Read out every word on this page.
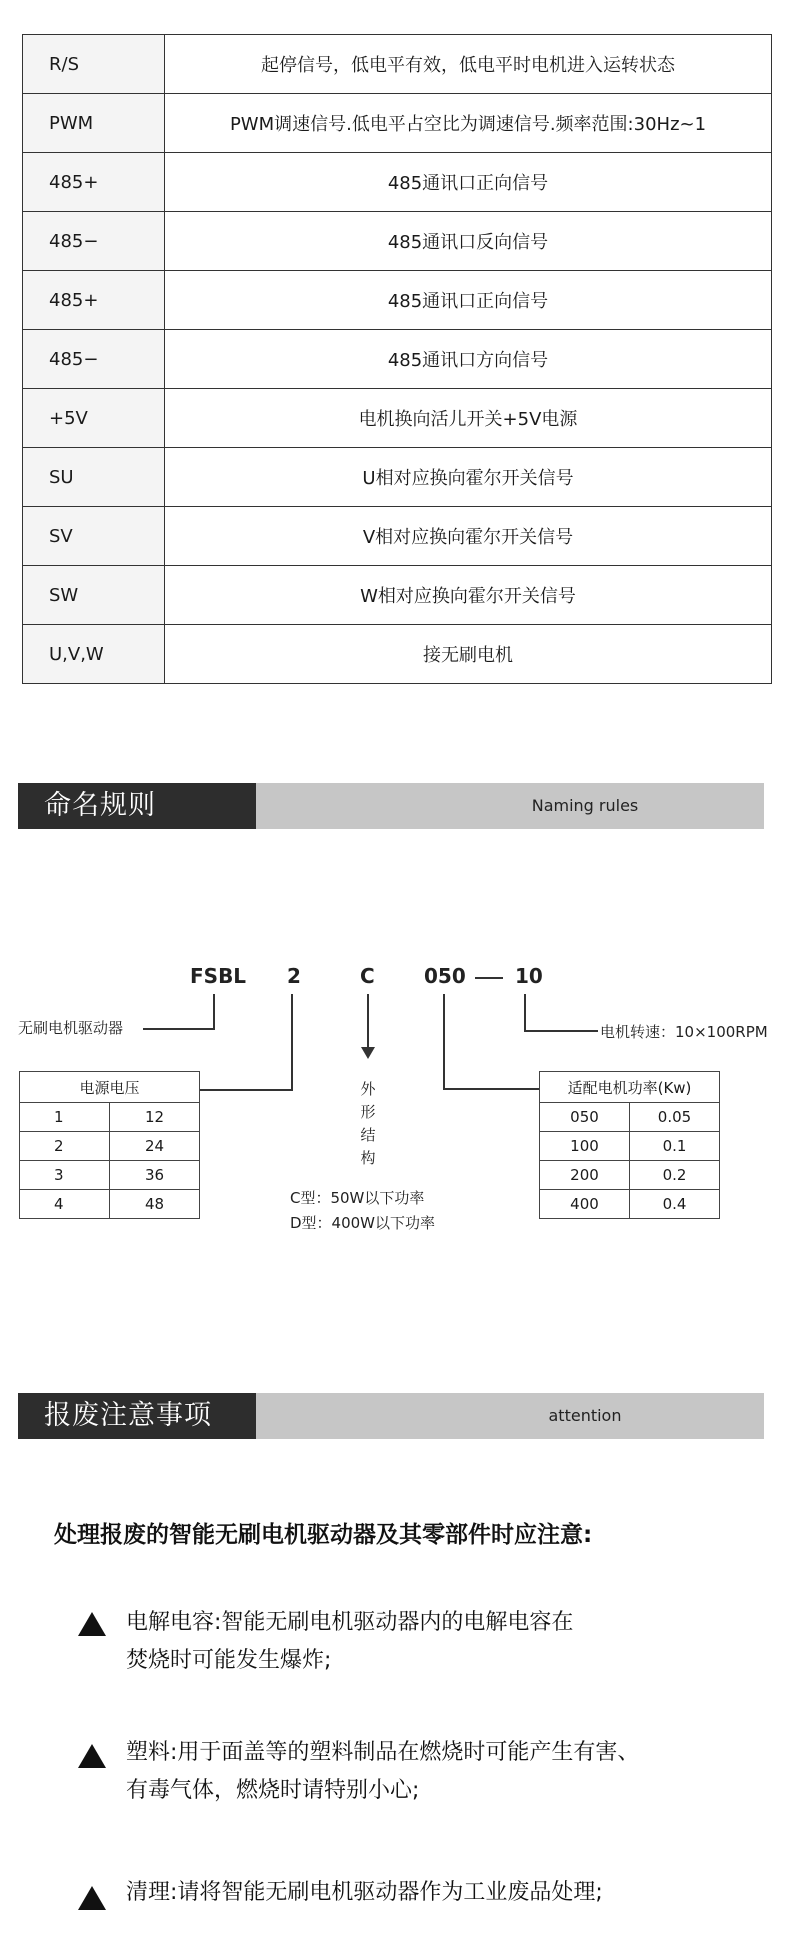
R/S	起停信号，低电平有效，低电平时电机进入运转状态
PWM	PWM调速信号.低电平占空比为调速信号.频率范围:30Hz~1
485+	485通讯口正向信号
485−	485通讯口反向信号
485+	485通讯口正向信号
485−	485通讯口方向信号
+5V	电机换向活儿开关+5V电源
SU	U相对应换向霍尔开关信号
SV	V相对应换向霍尔开关信号
SW	W相对应换向霍尔开关信号
U,V,W	接无刷电机
命名规则	Naming rules
FSBL 2	C 050 10
无刷电机驱动器
外
形
结
构
C型：50W以下功率
D型：400W以下功率
电机转速：10×100RPM
电源电压	
1	12
2	24
3	36
4	48
适配电机功率(Kw)	
050	0.05
100	0.1
200	0.2
400	0.4
报废注意事项	attention
处理报废的智能无刷电机驱动器及其零部件时应注意:
电解电容:智能无刷电机驱动器内的电解电容在
焚烧时可能发生爆炸;
塑料:用于面盖等的塑料制品在燃烧时可能产生有害、
有毒气体，燃烧时请特别小心;
清理:请将智能无刷电机驱动器作为工业废品处理;
